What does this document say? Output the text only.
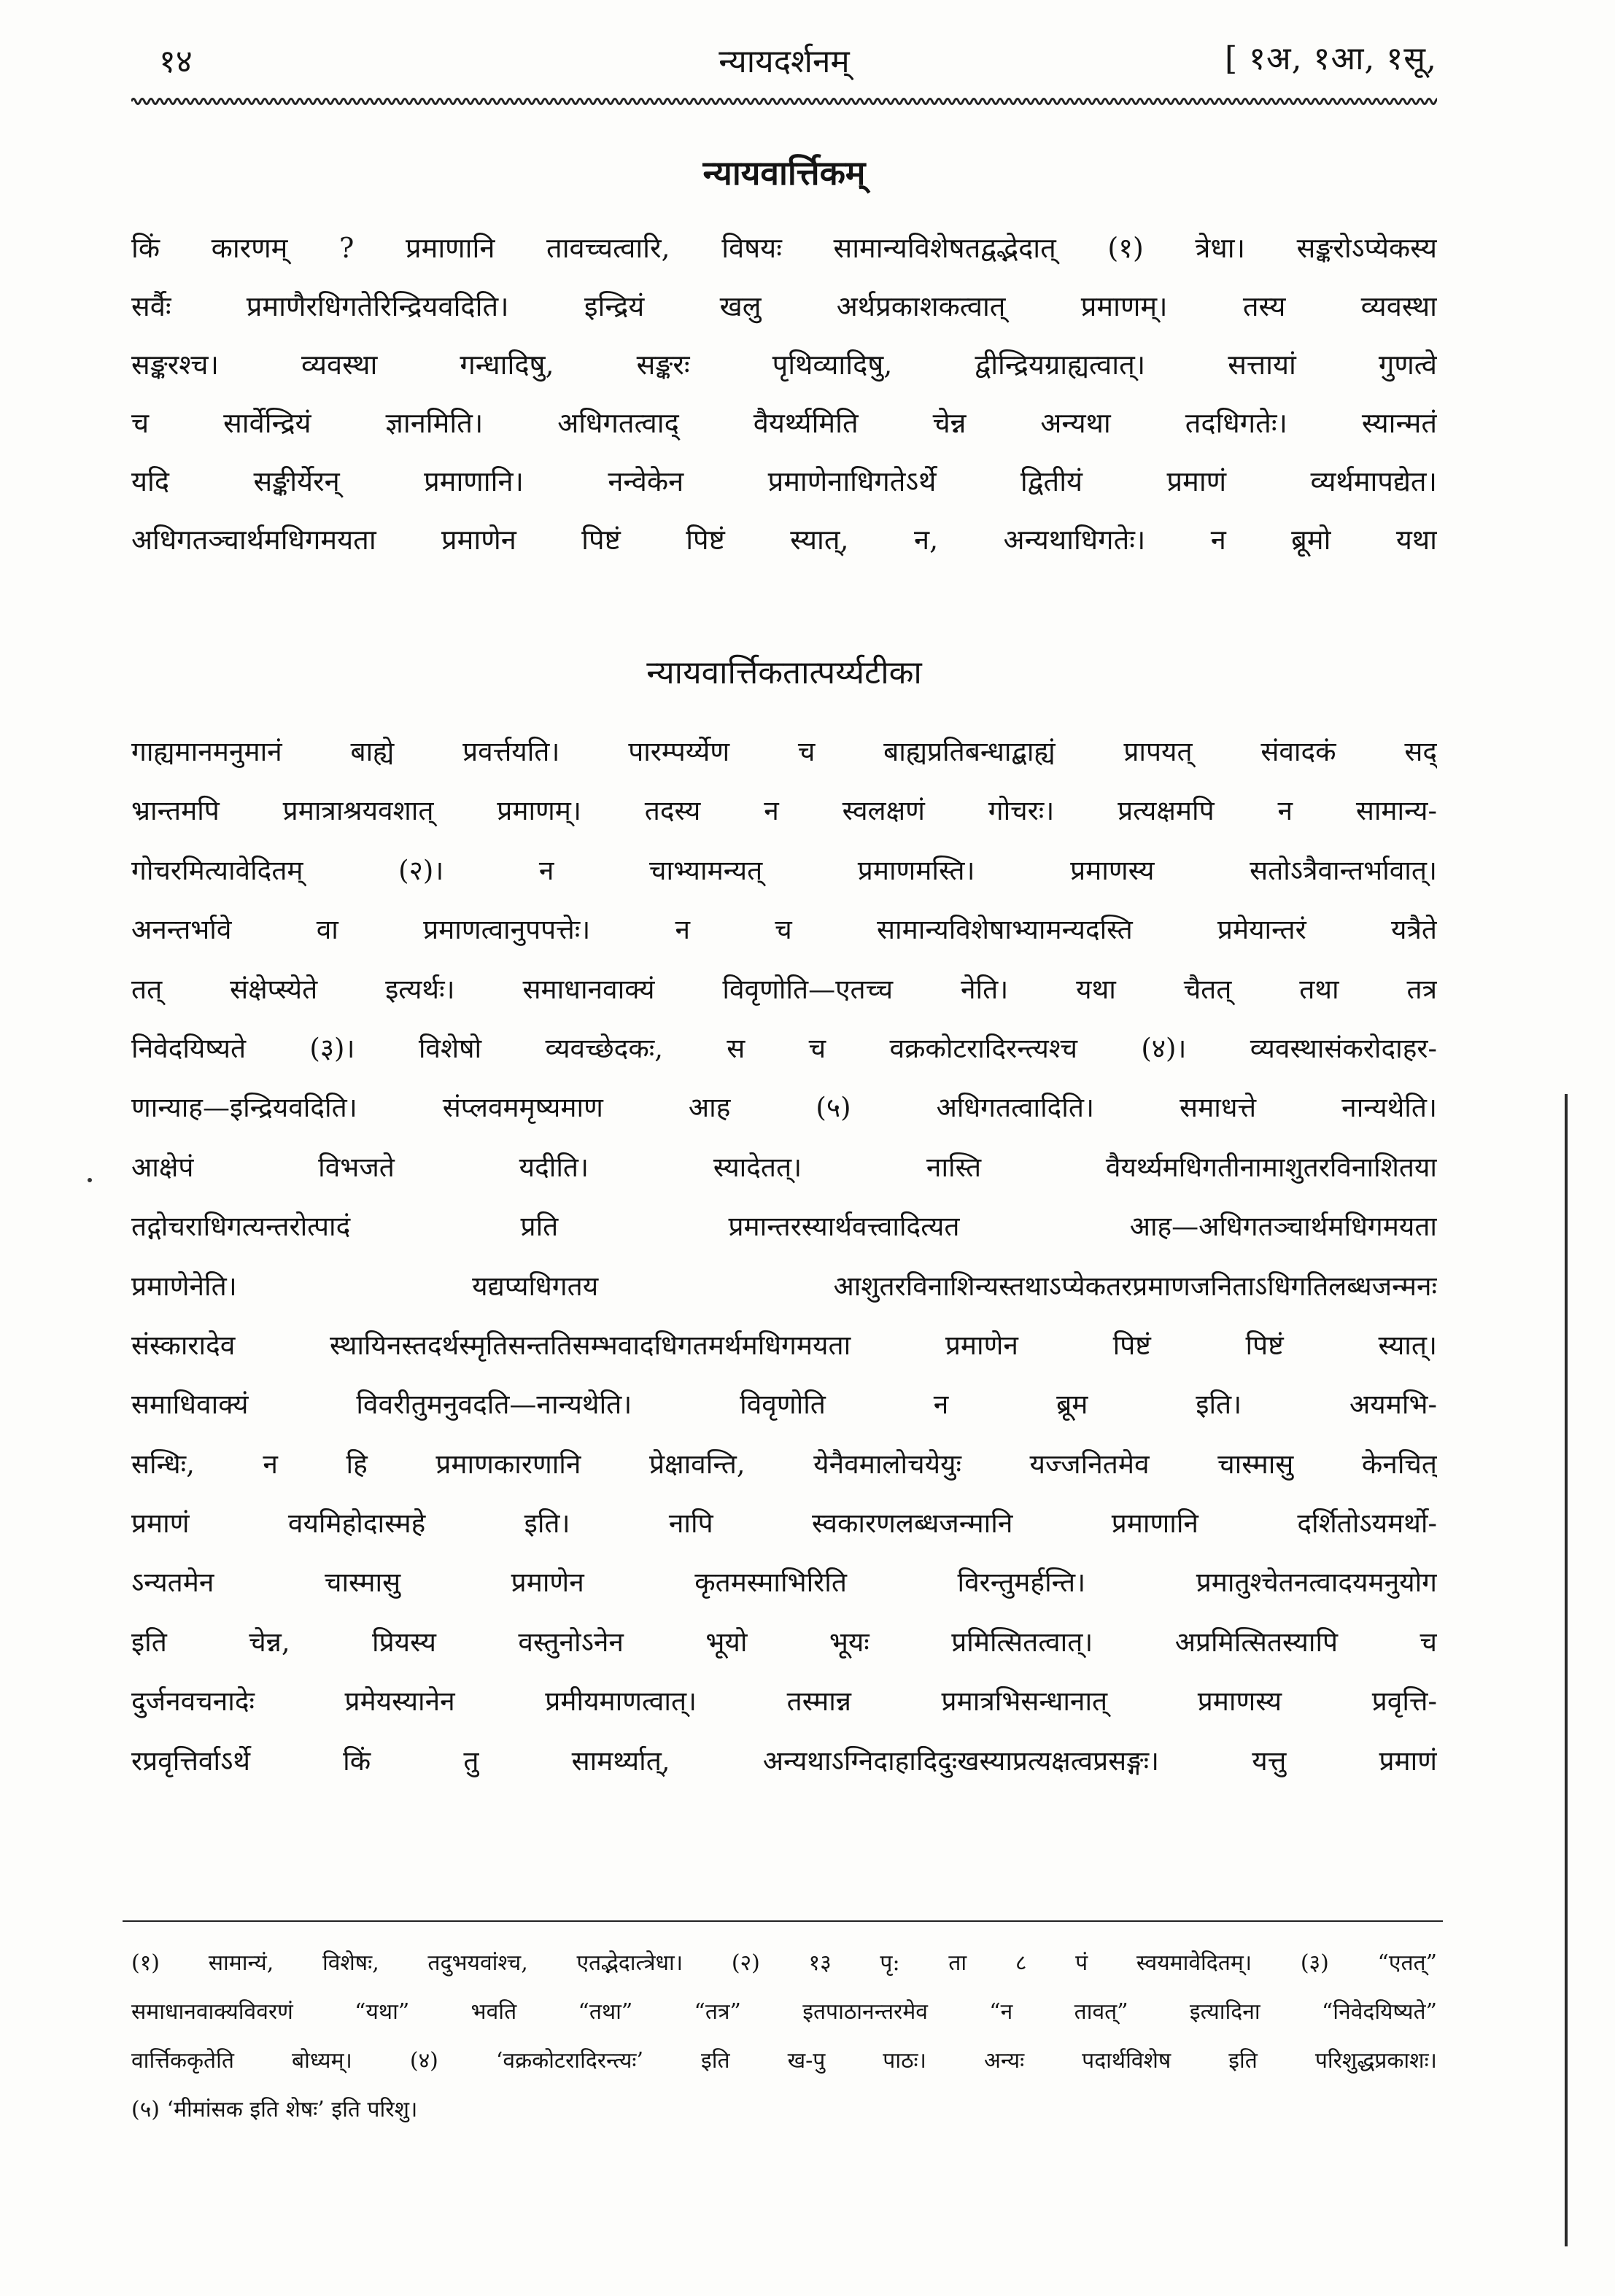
१४	न्यायदर्शनम्	[ १अ, १आ, १सू,
न्यायवार्त्तिकम्
किं कारणम् ? प्रमाणानि तावच्चत्वारि, विषयः सामान्यविशेषतद्वद्भेदात् (१) त्रेधा। सङ्करोऽप्येकस्य
सर्वैः प्रमाणैरधिगतेरिन्द्रियवदिति। इन्द्रियं खलु अर्थप्रकाशकत्वात् प्रमाणम्। तस्य व्यवस्था
सङ्करश्च। व्यवस्था गन्धादिषु, सङ्करः पृथिव्यादिषु, द्वीन्द्रियग्राह्यत्वात्। सत्तायां गुणत्वे
च सार्वेन्द्रियं ज्ञानमिति। अधिगतत्वाद् वैयर्थ्यमिति चेन्न अन्यथा तदधिगतेः। स्यान्मतं
यदि सङ्कीर्येरन् प्रमाणानि। नन्वेकेन प्रमाणेनाधिगतेऽर्थे द्वितीयं प्रमाणं व्यर्थमापद्येत।
अधिगतञ्चार्थमधिगमयता प्रमाणेन पिष्टं पिष्टं स्यात्, न, अन्यथाधिगतेः। न ब्रूमो यथा
न्यायवार्त्तिकतात्पर्य्यटीका
गाह्यमानमनुमानं बाह्ये प्रवर्त्तयति। पारम्पर्य्येण च बाह्यप्रतिबन्धाद्बाह्यं प्रापयत् संवादकं सद्
भ्रान्तमपि प्रमात्राश्रयवशात् प्रमाणम्। तदस्य न स्वलक्षणं गोचरः। प्रत्यक्षमपि न सामान्य-
गोचरमित्यावेदितम् (२)। न चाभ्यामन्यत् प्रमाणमस्ति। प्रमाणस्य सतोऽत्रैवान्तर्भावात्।
अनन्तर्भावे वा प्रमाणत्वानुपपत्तेः। न च सामान्यविशेषाभ्यामन्यदस्ति प्रमेयान्तरं यत्रैते
तत् संक्षेप्स्येते इत्यर्थः। समाधानवाक्यं विवृणोति—एतच्च नेति। यथा चैतत् तथा तत्र
निवेदयिष्यते (३)। विशेषो व्यवच्छेदकः, स च वक्रकोटरादिरन्त्यश्च (४)। व्यवस्थासंकरोदाहर-
णान्याह—इन्द्रियवदिति। संप्लवममृष्यमाण आह (५) अधिगतत्वादिति। समाधत्ते नान्यथेति।
आक्षेपं विभजते यदीति। स्यादेतत्। नास्ति वैयर्थ्यमधिगतीनामाशुतरविनाशितया
तद्गोचराधिगत्यन्तरोत्पादं प्रति प्रमान्तरस्यार्थवत्त्वादित्यत आह—अधिगतञ्चार्थमधिगमयता
प्रमाणेनेति। यद्यप्यधिगतय आशुतरविनाशिन्यस्तथाऽप्येकतरप्रमाणजनिताऽधिगतिलब्धजन्मनः
संस्कारादेव स्थायिनस्तदर्थस्मृतिसन्ततिसम्भवादधिगतमर्थमधिगमयता प्रमाणेन पिष्टं पिष्टं स्यात्।
समाधिवाक्यं विवरीतुमनुवदति—नान्यथेति। विवृणोति न ब्रूम इति। अयमभि-
सन्धिः, न हि प्रमाणकारणानि प्रेक्षावन्ति, येनैवमालोचयेयुः यज्जनितमेव चास्मासु केनचित्
प्रमाणं वयमिहोदास्महे इति। नापि स्वकारणलब्धजन्मानि प्रमाणानि दर्शितोऽयमर्थो-
ऽन्यतमेन चास्मासु प्रमाणेन कृतमस्माभिरिति विरन्तुमर्हन्ति। प्रमातुश्चेतनत्वादयमनुयोग
इति चेन्न, प्रियस्य वस्तुनोऽनेन भूयो भूयः प्रमित्सितत्वात्। अप्रमित्सितस्यापि च
दुर्जनवचनादेः प्रमेयस्यानेन प्रमीयमाणत्वात्। तस्मान्न प्रमात्रभिसन्धानात् प्रमाणस्य प्रवृत्ति-
रप्रवृत्तिर्वाऽर्थे किं तु सामर्थ्यात्, अन्यथाऽग्निदाहादिदुःखस्याप्रत्यक्षत्वप्रसङ्गः। यत्तु प्रमाणं
(१) सामान्यं, विशेषः, तदुभयवांश्च, एतद्भेदात्त्रेधा। (२) १३ पृ: ता ८ पं स्वयमावेदितम्। (३) “एतत्”
समाधानवाक्यविवरणं “यथा” भवति “तथा” “तत्र” इतपाठानन्तरमेव “न तावत्” इत्यादिना “निवेदयिष्यते”
वार्त्तिककृतेति बोध्यम्। (४) ‘वक्रकोटरादिरन्त्यः’ इति ख-पु पाठः। अन्यः पदार्थविशेष इति परिशुद्धप्रकाशः।
(५) ‘मीमांसक इति शेषः’ इति परिशु।
